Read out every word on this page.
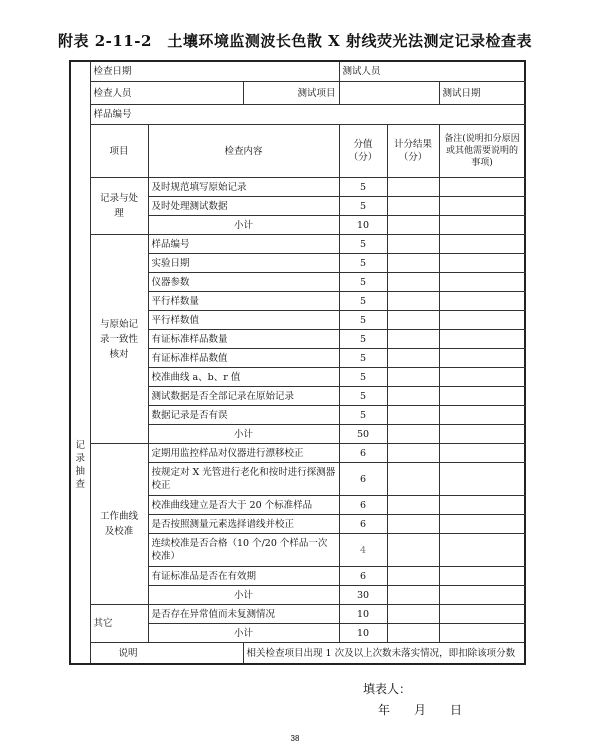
附表 2-11-2　土壤环境监测波长色散 X 射线荧光法测定记录检查表
记
录
抽
查	检查日期			测试人员		
	检查人员		测试项目			测试日期
	样品编号					
	项目	检查内容		分值（分）	计分结果（分）	备注(说明扣分原因或其他需要说明的事项)
	记录与处理	及时规范填写原始记录		5		
		及时处理测试数据		5		
		小计		10		
	与原始记录一致性核对	样品编号		5		
		实验日期		5		
		仪器参数		5		
		平行样数量		5		
		平行样数值		5		
		有证标准样品数量		5		
		有证标准样品数值		5		
		校准曲线 a、b、r 值		5		
		测试数据是否全部记录在原始记录		5		
		数据记录是否有误		5		
		小计		50		
	工作曲线及校准	定期用监控样品对仪器进行漂移校正		6		
		按规定对 X 光管进行老化和按时进行探测器校正		6		
		校准曲线建立是否大于 20 个标准样品		6		
		是否按照测量元素选择谱线并校正		6		
		连续校准是否合格（10 个/20 个样品一次校准）		4		
		有证标准品是否在有效期		6		
		小计		30		
	其它	是否存在异常值而未复测情况		10		
		小计		10		
	说明		相关检查项目出现 1 次及以上次数未落实情况，即扣除该项分数			
填表人：
年　　月　　日
38
